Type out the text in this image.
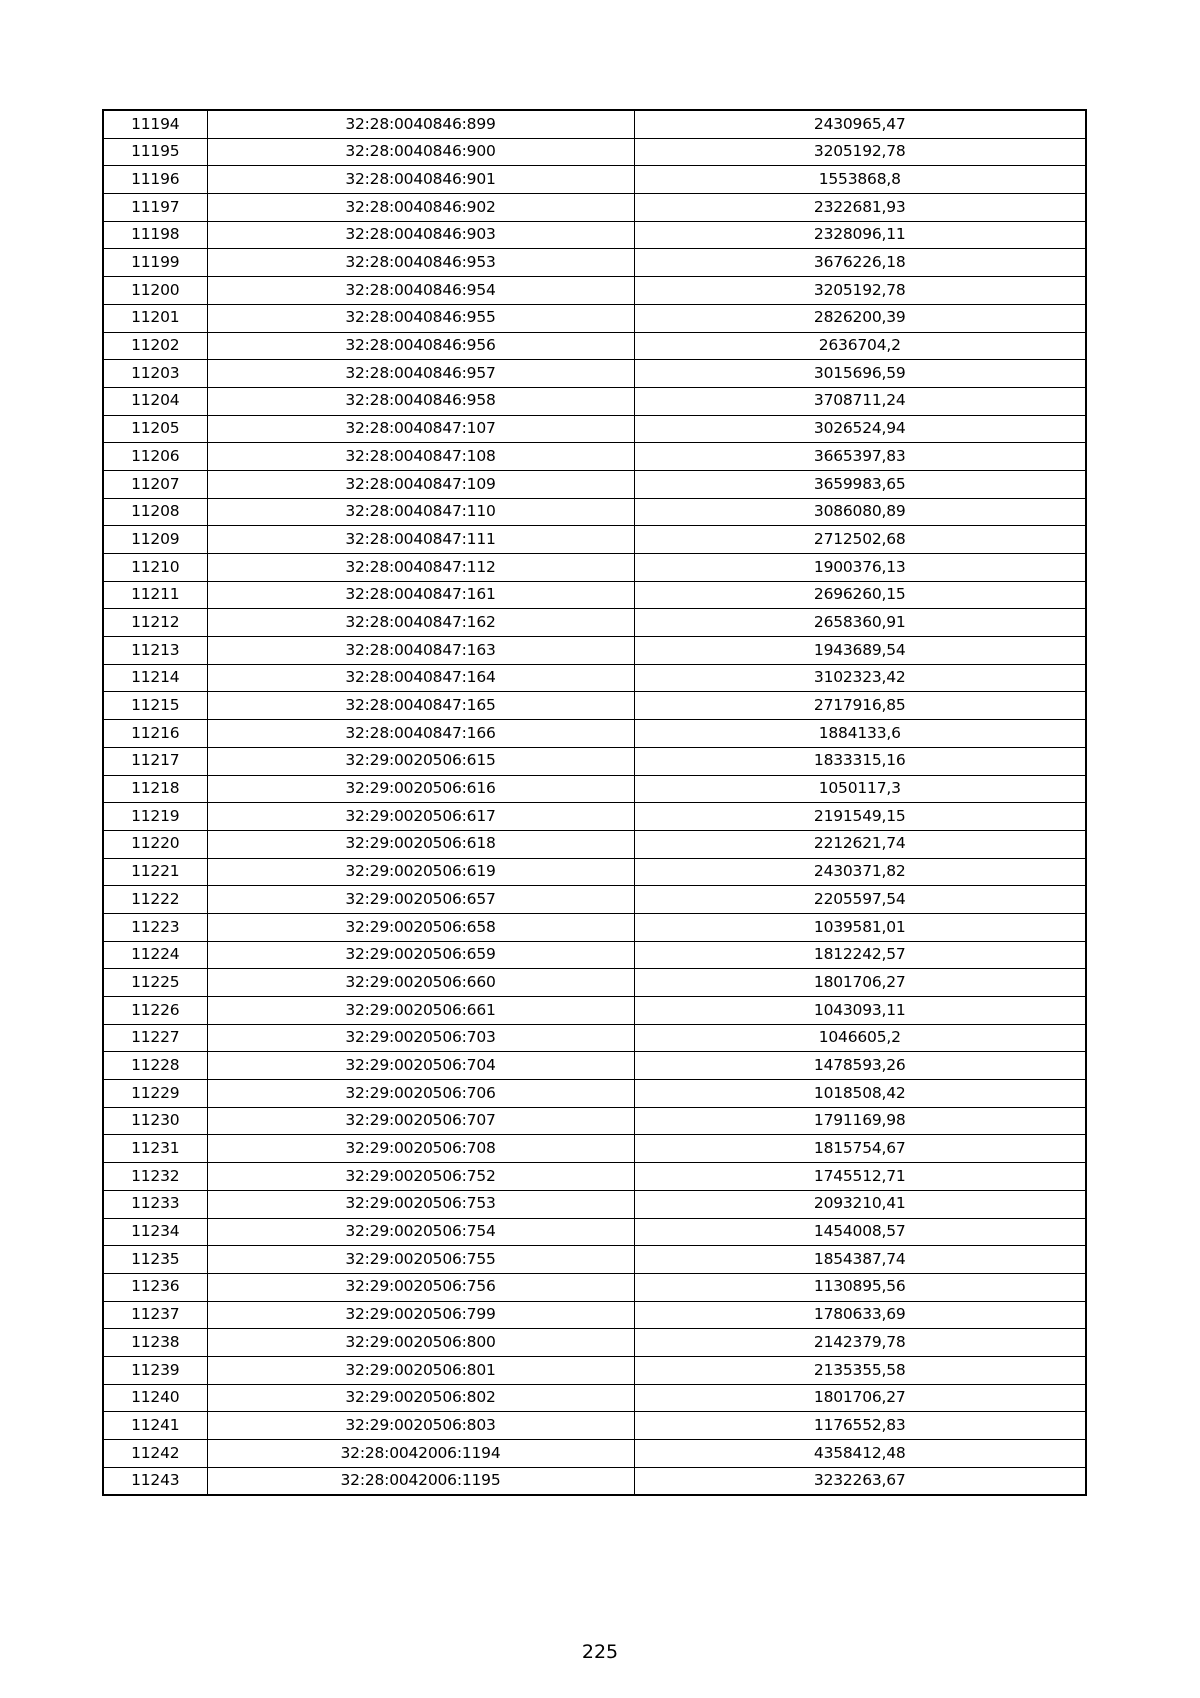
11194	32:28:0040846:899	2430965,47
11195	32:28:0040846:900	3205192,78
11196	32:28:0040846:901	1553868,8
11197	32:28:0040846:902	2322681,93
11198	32:28:0040846:903	2328096,11
11199	32:28:0040846:953	3676226,18
11200	32:28:0040846:954	3205192,78
11201	32:28:0040846:955	2826200,39
11202	32:28:0040846:956	2636704,2
11203	32:28:0040846:957	3015696,59
11204	32:28:0040846:958	3708711,24
11205	32:28:0040847:107	3026524,94
11206	32:28:0040847:108	3665397,83
11207	32:28:0040847:109	3659983,65
11208	32:28:0040847:110	3086080,89
11209	32:28:0040847:111	2712502,68
11210	32:28:0040847:112	1900376,13
11211	32:28:0040847:161	2696260,15
11212	32:28:0040847:162	2658360,91
11213	32:28:0040847:163	1943689,54
11214	32:28:0040847:164	3102323,42
11215	32:28:0040847:165	2717916,85
11216	32:28:0040847:166	1884133,6
11217	32:29:0020506:615	1833315,16
11218	32:29:0020506:616	1050117,3
11219	32:29:0020506:617	2191549,15
11220	32:29:0020506:618	2212621,74
11221	32:29:0020506:619	2430371,82
11222	32:29:0020506:657	2205597,54
11223	32:29:0020506:658	1039581,01
11224	32:29:0020506:659	1812242,57
11225	32:29:0020506:660	1801706,27
11226	32:29:0020506:661	1043093,11
11227	32:29:0020506:703	1046605,2
11228	32:29:0020506:704	1478593,26
11229	32:29:0020506:706	1018508,42
11230	32:29:0020506:707	1791169,98
11231	32:29:0020506:708	1815754,67
11232	32:29:0020506:752	1745512,71
11233	32:29:0020506:753	2093210,41
11234	32:29:0020506:754	1454008,57
11235	32:29:0020506:755	1854387,74
11236	32:29:0020506:756	1130895,56
11237	32:29:0020506:799	1780633,69
11238	32:29:0020506:800	2142379,78
11239	32:29:0020506:801	2135355,58
11240	32:29:0020506:802	1801706,27
11241	32:29:0020506:803	1176552,83
11242	32:28:0042006:1194	4358412,48
11243	32:28:0042006:1195	3232263,67
225
